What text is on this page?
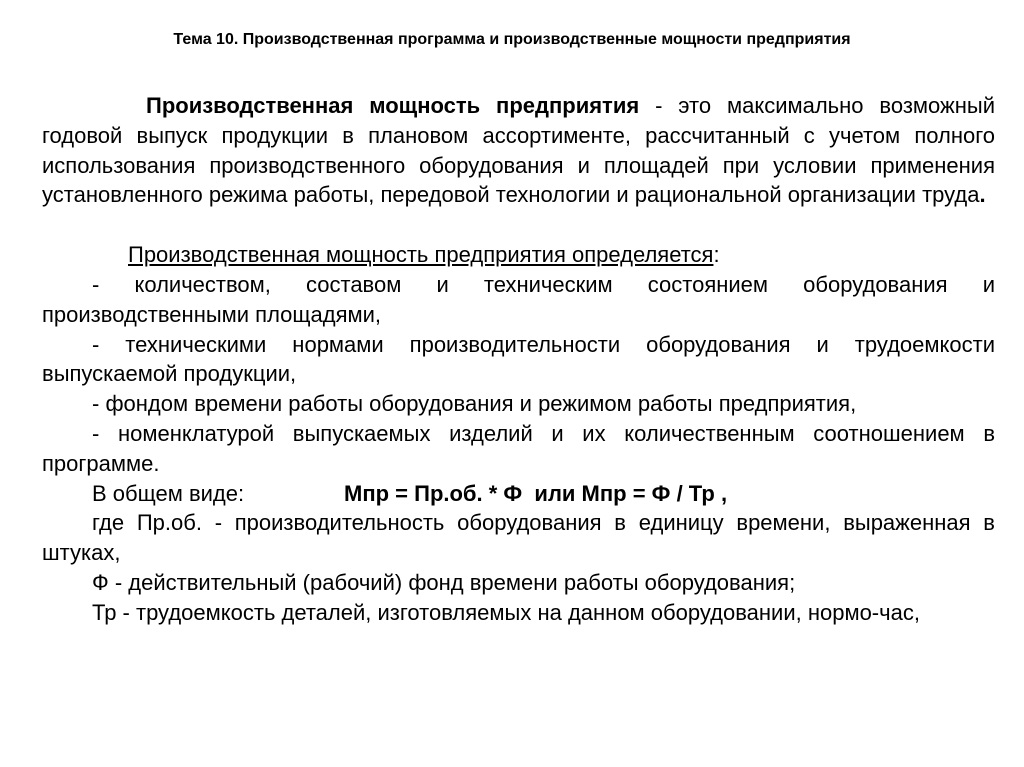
Тема 10. Производственная программа и производственные мощности предприятия

Производственная мощность предприятия - это максимально возможный годовой выпуск продукции в плановом ассортименте, рассчитанный с учетом полного использования производственного оборудования и площадей при условии применения установленного режима работы, передовой технологии и рациональной организации труда.

Производственная мощность предприятия определяется:

- количеством, составом и техническим состоянием оборудования и производственными площадями,

- техническими нормами производительности оборудования и трудоемкости выпускаемой продукции,

- фондом времени работы оборудования и режимом работы предприятия,

- номенклатурой выпускаемых изделий и их количественным соотношением в программе.

В общем виде:	Мпр = Пр.об. * Ф  или Мпр = Ф / Тр ,

где Пр.об. - производительность оборудования в единицу времени, выраженная в штуках,

Ф - действительный (рабочий) фонд времени работы оборудования;

Тр - трудоемкость деталей, изготовляемых на данном оборудовании, нормо-час,
